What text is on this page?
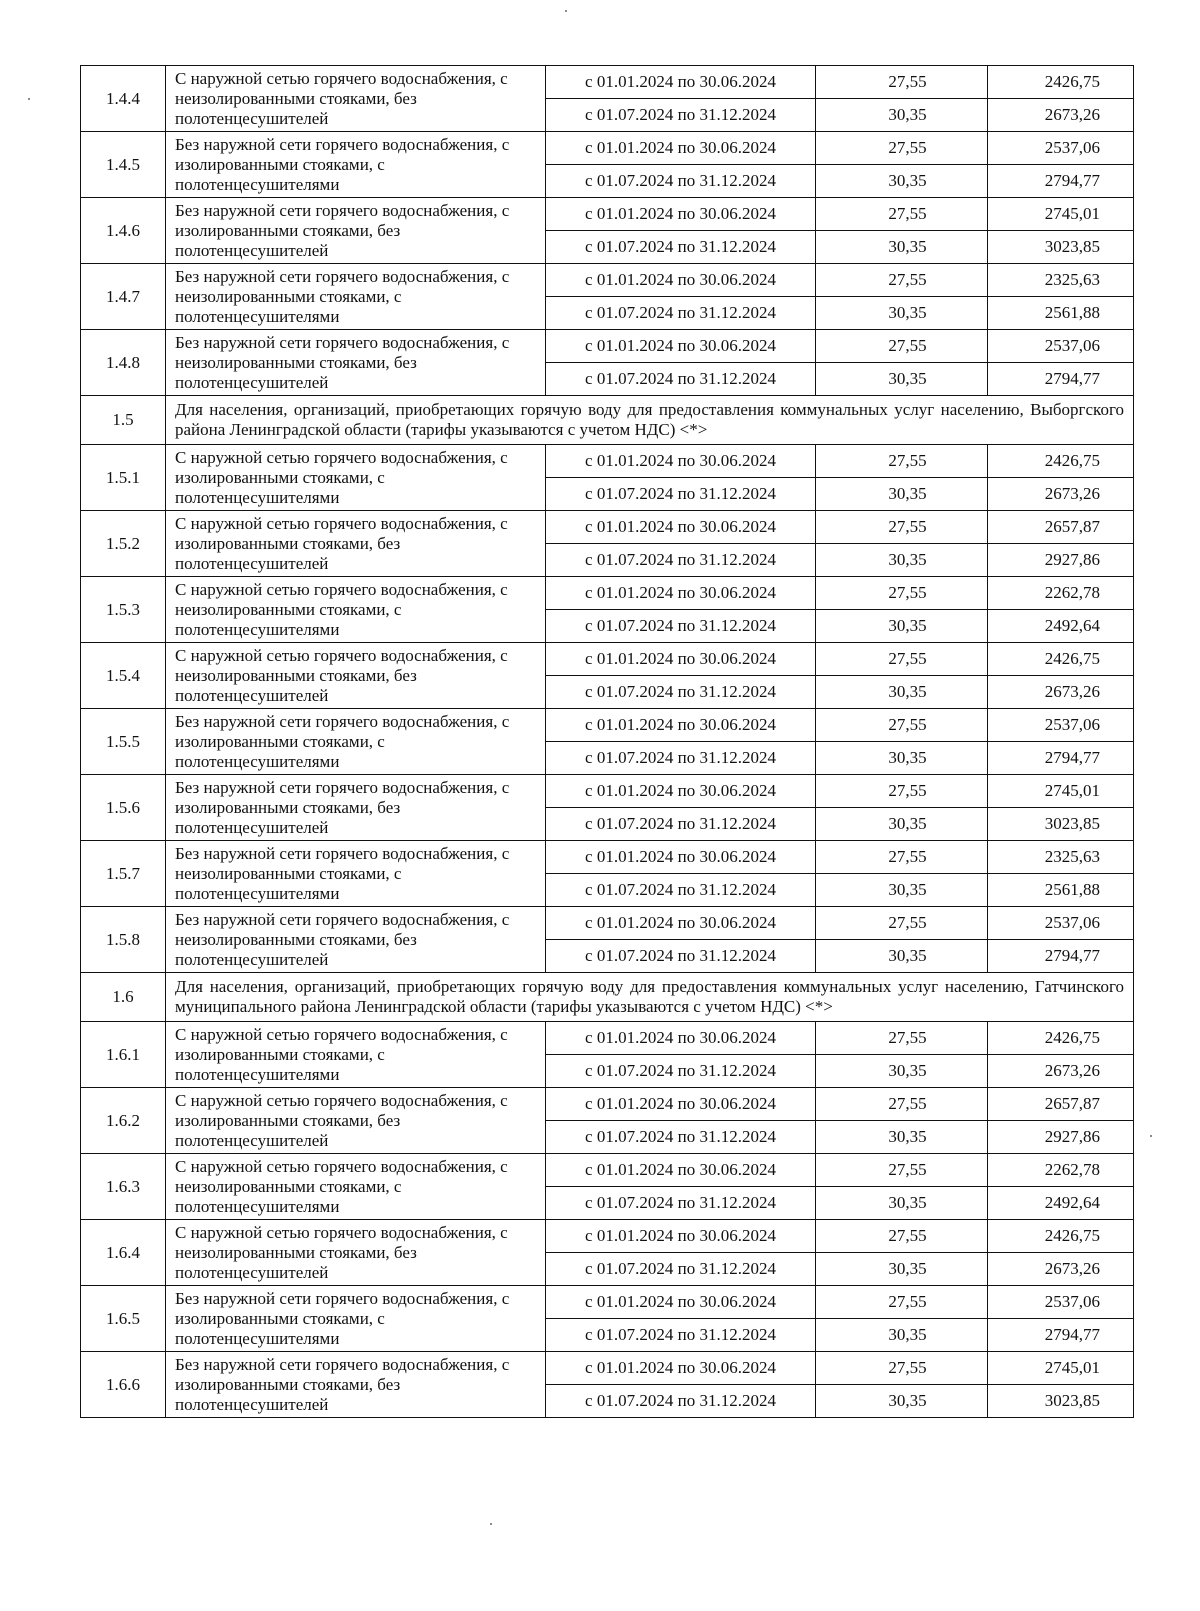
1.4.4	С наружной сетью горячего водоснабжения, с неизолированными стояками, без полотенцесушителей	с 01.01.2024 по 30.06.2024	27,55	2426,75
		с 01.07.2024 по 31.12.2024	30,35	2673,26
1.4.5	Без наружной сети горячего водоснабжения, с изолированными стояками, с полотенцесушителями	с 01.01.2024 по 30.06.2024	27,55	2537,06
		с 01.07.2024 по 31.12.2024	30,35	2794,77
1.4.6	Без наружной сети горячего водоснабжения, с изолированными стояками, без полотенцесушителей	с 01.01.2024 по 30.06.2024	27,55	2745,01
		с 01.07.2024 по 31.12.2024	30,35	3023,85
1.4.7	Без наружной сети горячего водоснабжения, с неизолированными стояками, с полотенцесушителями	с 01.01.2024 по 30.06.2024	27,55	2325,63
		с 01.07.2024 по 31.12.2024	30,35	2561,88
1.4.8	Без наружной сети горячего водоснабжения, с неизолированными стояками, без полотенцесушителей	с 01.01.2024 по 30.06.2024	27,55	2537,06
		с 01.07.2024 по 31.12.2024	30,35	2794,77
1.5	Для населения, организаций, приобретающих горячую воду для предоставления коммунальных услуг населению, Выборгского района Ленинградской области (тарифы указываются с учетом НДС) <*>			
1.5.1	С наружной сетью горячего водоснабжения, с изолированными стояками, с полотенцесушителями	с 01.01.2024 по 30.06.2024	27,55	2426,75
		с 01.07.2024 по 31.12.2024	30,35	2673,26
1.5.2	С наружной сетью горячего водоснабжения, с изолированными стояками, без полотенцесушителей	с 01.01.2024 по 30.06.2024	27,55	2657,87
		с 01.07.2024 по 31.12.2024	30,35	2927,86
1.5.3	С наружной сетью горячего водоснабжения, с неизолированными стояками, с полотенцесушителями	с 01.01.2024 по 30.06.2024	27,55	2262,78
		с 01.07.2024 по 31.12.2024	30,35	2492,64
1.5.4	С наружной сетью горячего водоснабжения, с неизолированными стояками, без полотенцесушителей	с 01.01.2024 по 30.06.2024	27,55	2426,75
		с 01.07.2024 по 31.12.2024	30,35	2673,26
1.5.5	Без наружной сети горячего водоснабжения, с изолированными стояками, с полотенцесушителями	с 01.01.2024 по 30.06.2024	27,55	2537,06
		с 01.07.2024 по 31.12.2024	30,35	2794,77
1.5.6	Без наружной сети горячего водоснабжения, с изолированными стояками, без полотенцесушителей	с 01.01.2024 по 30.06.2024	27,55	2745,01
		с 01.07.2024 по 31.12.2024	30,35	3023,85
1.5.7	Без наружной сети горячего водоснабжения, с неизолированными стояками, с полотенцесушителями	с 01.01.2024 по 30.06.2024	27,55	2325,63
		с 01.07.2024 по 31.12.2024	30,35	2561,88
1.5.8	Без наружной сети горячего водоснабжения, с неизолированными стояками, без полотенцесушителей	с 01.01.2024 по 30.06.2024	27,55	2537,06
		с 01.07.2024 по 31.12.2024	30,35	2794,77
1.6	Для населения, организаций, приобретающих горячую воду для предоставления коммунальных услуг населению, Гатчинского муниципального района Ленинградской области (тарифы указываются с учетом НДС) <*>			
1.6.1	С наружной сетью горячего водоснабжения, с изолированными стояками, с полотенцесушителями	с 01.01.2024 по 30.06.2024	27,55	2426,75
		с 01.07.2024 по 31.12.2024	30,35	2673,26
1.6.2	С наружной сетью горячего водоснабжения, с изолированными стояками, без полотенцесушителей	с 01.01.2024 по 30.06.2024	27,55	2657,87
		с 01.07.2024 по 31.12.2024	30,35	2927,86
1.6.3	С наружной сетью горячего водоснабжения, с неизолированными стояками, с полотенцесушителями	с 01.01.2024 по 30.06.2024	27,55	2262,78
		с 01.07.2024 по 31.12.2024	30,35	2492,64
1.6.4	С наружной сетью горячего водоснабжения, с неизолированными стояками, без полотенцесушителей	с 01.01.2024 по 30.06.2024	27,55	2426,75
		с 01.07.2024 по 31.12.2024	30,35	2673,26
1.6.5	Без наружной сети горячего водоснабжения, с изолированными стояками, с полотенцесушителями	с 01.01.2024 по 30.06.2024	27,55	2537,06
		с 01.07.2024 по 31.12.2024	30,35	2794,77
1.6.6	Без наружной сети горячего водоснабжения, с изолированными стояками, без полотенцесушителей	с 01.01.2024 по 30.06.2024	27,55	2745,01
		с 01.07.2024 по 31.12.2024	30,35	3023,85
